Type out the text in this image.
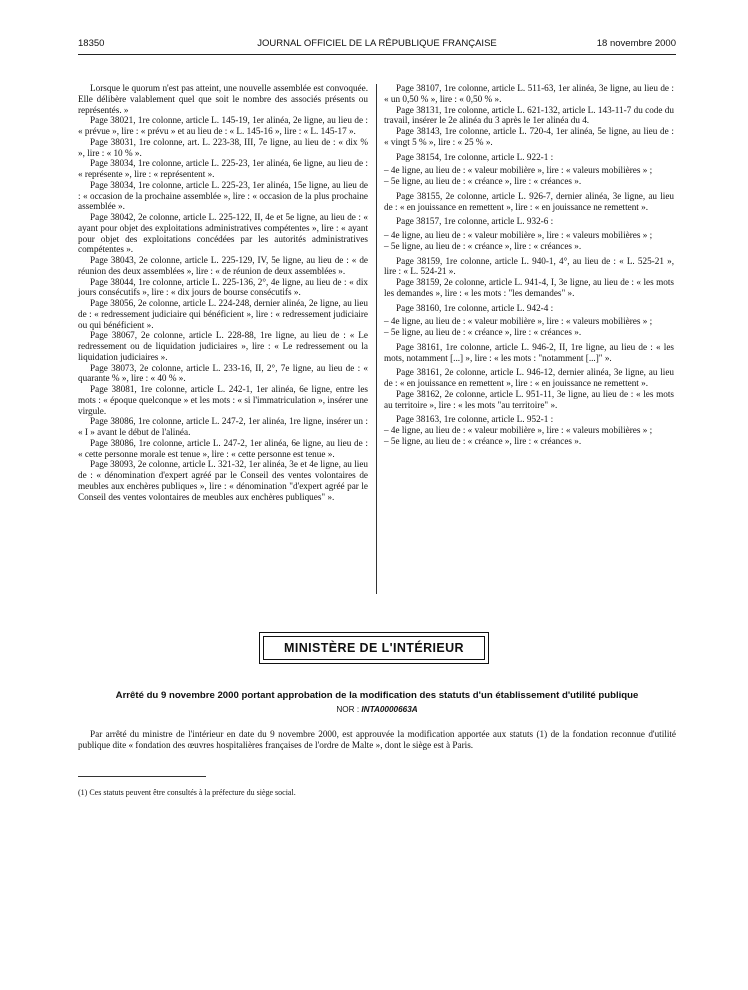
18350	JOURNAL OFFICIEL DE LA RÉPUBLIQUE FRANÇAISE	18 novembre 2000

Lorsque le quorum n'est pas atteint, une nouvelle assemblée est convoquée. Elle délibère valablement quel que soit le nombre des associés présents ou représentés. »

Page 38021, 1re colonne, article L. 145-19, 1er alinéa, 2e ligne, au lieu de : « prévue », lire : « prévu » et au lieu de : « L. 145-16 », lire : « L. 145-17 ».

Page 38031, 1re colonne, art. L. 223-38, III, 7e ligne, au lieu de : « dix % », lire : « 10 % ».

Page 38034, 1re colonne, article L. 225-23, 1er alinéa, 6e ligne, au lieu de : « représente », lire : « représentent ».

Page 38034, 1re colonne, article L. 225-23, 1er alinéa, 15e ligne, au lieu de : « occasion de la prochaine assemblée », lire : « occasion de la plus prochaine assemblée ».

Page 38042, 2e colonne, article L. 225-122, II, 4e et 5e ligne, au lieu de : « ayant pour objet des exploitations administratives compétentes », lire : « ayant pour objet des exploitations concédées par les autorités administratives compétentes ».

Page 38043, 2e colonne, article L. 225-129, IV, 5e ligne, au lieu de : « de réunion des deux assemblées », lire : « de réunion de deux assemblées ».

Page 38044, 1re colonne, article L. 225-136, 2°, 4e ligne, au lieu de : « dix jours consécutifs », lire : « dix jours de bourse consécutifs ».

Page 38056, 2e colonne, article L. 224-248, dernier alinéa, 2e ligne, au lieu de : « redressement judiciaire qui bénéficient », lire : « redressement judiciaire ou qui bénéficient ».

Page 38067, 2e colonne, article L. 228-88, 1re ligne, au lieu de : « Le redressement ou de liquidation judiciaires », lire : « Le redressement ou la liquidation judiciaires ».

Page 38073, 2e colonne, article L. 233-16, II, 2°, 7e ligne, au lieu de : « quarante % », lire : « 40 % ».

Page 38081, 1re colonne, article L. 242-1, 1er alinéa, 6e ligne, entre les mots : « époque quelconque » et les mots : « si l'immatriculation », insérer une virgule.

Page 38086, 1re colonne, article L. 247-2, 1er alinéa, 1re ligne, insérer un : « I » avant le début de l'alinéa.

Page 38086, 1re colonne, article L. 247-2, 1er alinéa, 6e ligne, au lieu de : « cette personne morale est tenue », lire : « cette personne est tenue ».

Page 38093, 2e colonne, article L. 321-32, 1er alinéa, 3e et 4e ligne, au lieu de : « dénomination d'expert agréé par le Conseil des ventes volontaires de meubles aux enchères publiques », lire : « dénomination "d'expert agréé par le Conseil des ventes volontaires de meubles aux enchères publiques" ».

Page 38107, 1re colonne, article L. 511-63, 1er alinéa, 3e ligne, au lieu de : « un 0,50 % », lire : « 0,50 % ».

Page 38131, 1re colonne, article L. 621-132, article L. 143-11-7 du code du travail, insérer le 2e alinéa du 3 après le 1er alinéa du 4.

Page 38143, 1re colonne, article L. 720-4, 1er alinéa, 5e ligne, au lieu de : « vingt 5 % », lire : « 25 % ».

Page 38154, 1re colonne, article L. 922-1 :

– 4e ligne, au lieu de : « valeur mobilière », lire : « valeurs mobilières » ;

– 5e ligne, au lieu de : « créance », lire : « créances ».

Page 38155, 2e colonne, article L. 926-7, dernier alinéa, 3e ligne, au lieu de : « en jouissance en remettent », lire : « en jouissance ne remettent ».

Page 38157, 1re colonne, article L. 932-6 :

– 4e ligne, au lieu de : « valeur mobilière », lire : « valeurs mobilières » ;

– 5e ligne, au lieu de : « créance », lire : « créances ».

Page 38159, 1re colonne, article L. 940-1, 4°, au lieu de : « L. 525-21 », lire : « L. 524-21 ».

Page 38159, 2e colonne, article L. 941-4, I, 3e ligne, au lieu de : « les mots les demandes », lire : « les mots : "les demandes" ».

Page 38160, 1re colonne, article L. 942-4 :

– 4e ligne, au lieu de : « valeur mobilière », lire : « valeurs mobilières » ;

– 5e ligne, au lieu de : « créance », lire : « créances ».

Page 38161, 1re colonne, article L. 946-2, II, 1re ligne, au lieu de : « les mots, notamment [...] », lire : « les mots : "notamment [...]" ».

Page 38161, 2e colonne, article L. 946-12, dernier alinéa, 3e ligne, au lieu de : « en jouissance en remettent », lire : « en jouissance ne remettent ».

Page 38162, 2e colonne, article L. 951-11, 3e ligne, au lieu de : « les mots au territoire », lire : « les mots "au territoire" ».

Page 38163, 1re colonne, article L. 952-1 :

– 4e ligne, au lieu de : « valeur mobilière », lire : « valeurs mobilières » ;

– 5e ligne, au lieu de : « créance », lire : « créances ».

MINISTÈRE DE L'INTÉRIEUR
Arrêté du 9 novembre 2000 portant approbation de la modification des statuts d'un établissement d'utilité publique
NOR : INTA0000663A

Par arrêté du ministre de l'intérieur en date du 9 novembre 2000, est approuvée la modification apportée aux statuts (1) de la fondation reconnue d'utilité publique dite « fondation des œuvres hospitalières françaises de l'ordre de Malte », dont le siège est à Paris.

(1) Ces statuts peuvent être consultés à la préfecture du siège social.
